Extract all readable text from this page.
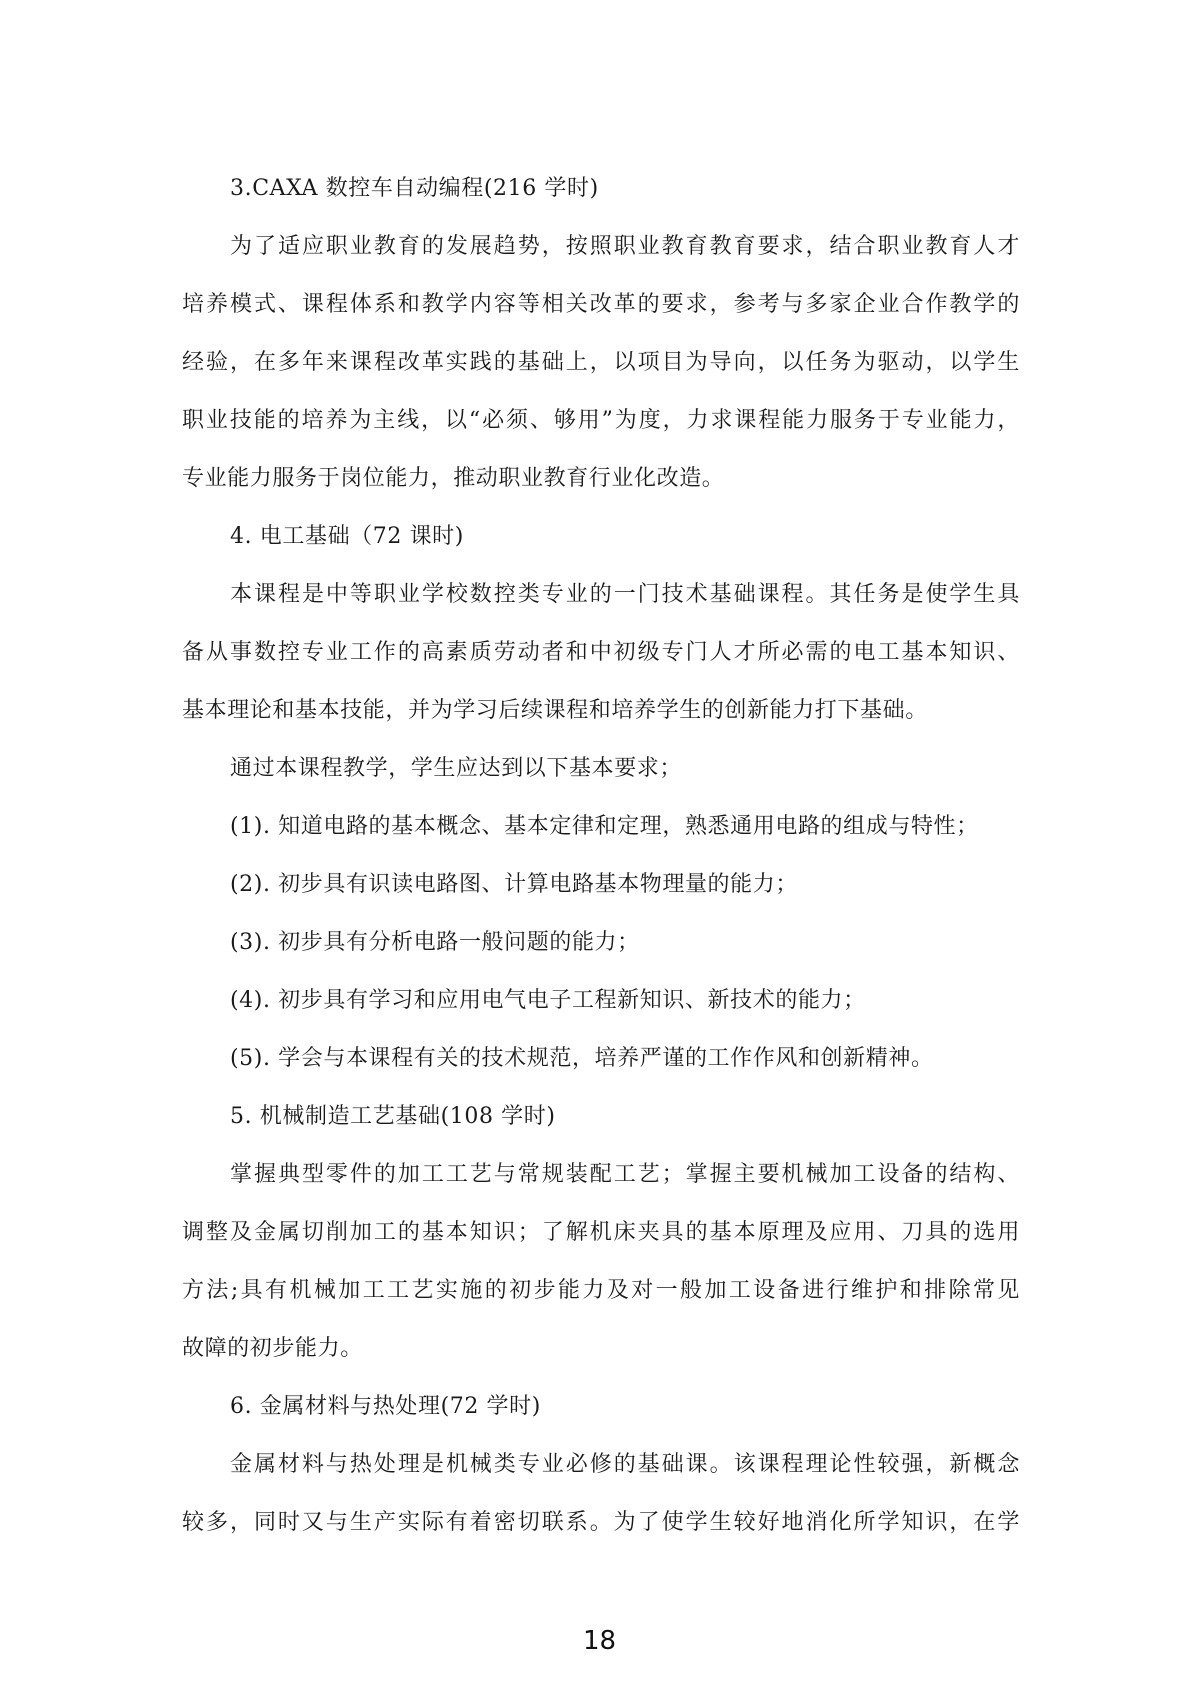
3.CAXA 数控车自动编程(216 学时)
为了适应职业教育的发展趋势，按照职业教育教育要求，结合职业教育人才
培养模式、课程体系和教学内容等相关改革的要求，参考与多家企业合作教学的
经验，在多年来课程改革实践的基础上，以项目为导向，以任务为驱动，以学生
职业技能的培养为主线，以“必须、够用”为度，力求课程能力服务于专业能力，
专业能力服务于岗位能力，推动职业教育行业化改造。
4. 电工基础（72 课时)
本课程是中等职业学校数控类专业的一门技术基础课程。其任务是使学生具
备从事数控专业工作的高素质劳动者和中初级专门人才所必需的电工基本知识、
基本理论和基本技能，并为学习后续课程和培养学生的创新能力打下基础。
通过本课程教学，学生应达到以下基本要求；
(1). 知道电路的基本概念、基本定律和定理，熟悉通用电路的组成与特性；
(2). 初步具有识读电路图、计算电路基本物理量的能力；
(3). 初步具有分析电路一般问题的能力；
(4). 初步具有学习和应用电气电子工程新知识、新技术的能力；
(5). 学会与本课程有关的技术规范，培养严谨的工作作风和创新精神。
5. 机械制造工艺基础(108 学时)
掌握典型零件的加工工艺与常规装配工艺；掌握主要机械加工设备的结构、
调整及金属切削加工的基本知识；了解机床夹具的基本原理及应用、刀具的选用
方法;具有机械加工工艺实施的初步能力及对一般加工设备进行维护和排除常见
故障的初步能力。
6. 金属材料与热处理(72 学时)
金属材料与热处理是机械类专业必修的基础课。该课程理论性较强，新概念
较多，同时又与生产实际有着密切联系。为了使学生较好地消化所学知识，在学
18
